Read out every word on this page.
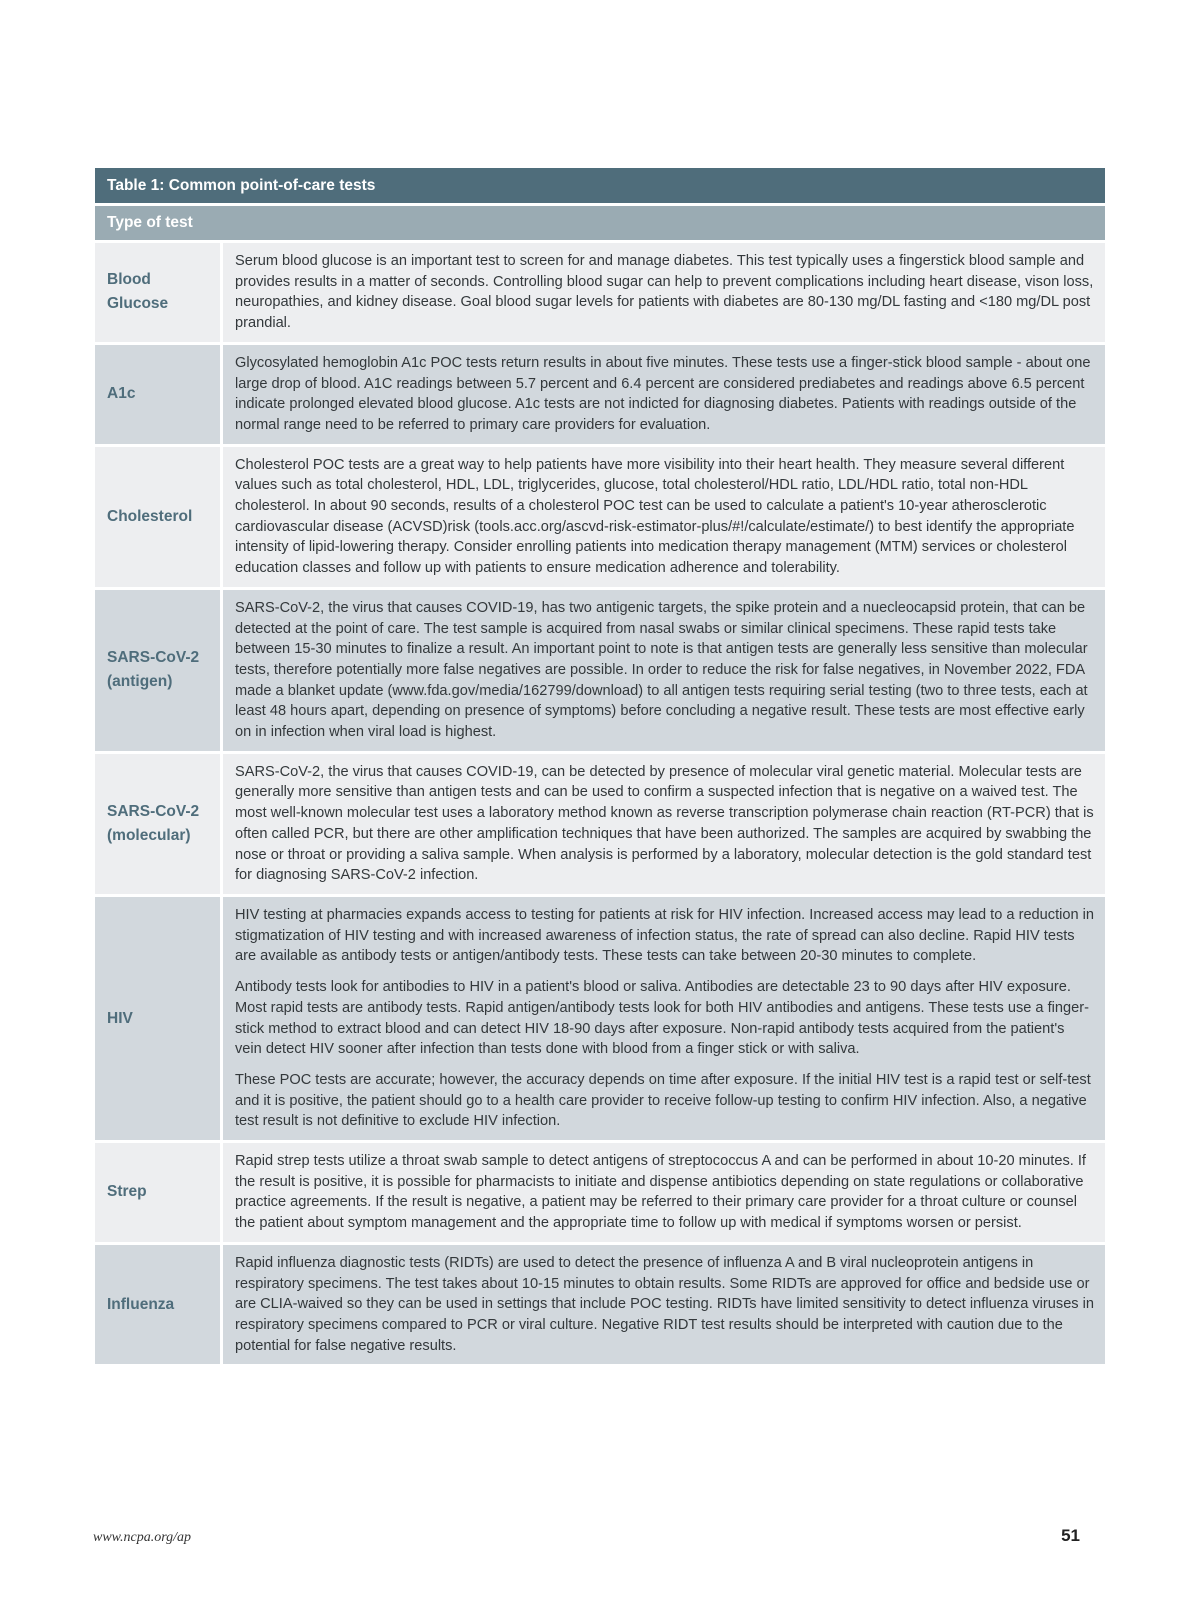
Table 1: Common point-of-care tests
Type of test
Blood Glucose

Serum blood glucose is an important test to screen for and manage diabetes. This test typically uses a fingerstick blood sample and provides results in a matter of seconds. Controlling blood sugar can help to prevent complications including heart disease, vison loss, neuropathies, and kidney disease. Goal blood sugar levels for patients with diabetes are 80-130 mg/DL fasting and <180 mg/DL post prandial.

A1c

Glycosylated hemoglobin A1c POC tests return results in about five minutes. These tests use a finger-stick blood sample - about one large drop of blood. A1C readings between 5.7 percent and 6.4 percent are considered prediabetes and readings above 6.5 percent indicate prolonged elevated blood glucose. A1c tests are not indicted for diagnosing diabetes. Patients with readings outside of the normal range need to be referred to primary care providers for evaluation.

Cholesterol

Cholesterol POC tests are a great way to help patients have more visibility into their heart health. They measure several different values such as total cholesterol, HDL, LDL, triglycerides, glucose, total cholesterol/HDL ratio, LDL/HDL ratio, total non-HDL cholesterol. In about 90 seconds, results of a cholesterol POC test can be used to calculate a patient's 10-year atherosclerotic cardiovascular disease (ACVSD)risk (tools.acc.org/ascvd-risk-estimator-plus/#!/calculate/estimate/) to best identify the appropriate intensity of lipid-lowering therapy. Consider enrolling patients into medication therapy management (MTM) services or cholesterol education classes and follow up with patients to ensure medication adherence and tolerability.

SARS-CoV-2 (antigen)

SARS-CoV-2, the virus that causes COVID-19, has two antigenic targets, the spike protein and a nuecleocapsid protein, that can be detected at the point of care. The test sample is acquired from nasal swabs or similar clinical specimens. These rapid tests take between 15-30 minutes to finalize a result. An important point to note is that antigen tests are generally less sensitive than molecular tests, therefore potentially more false negatives are possible. In order to reduce the risk for false negatives, in November 2022, FDA made a blanket update (www.fda.gov/media/162799/download) to all antigen tests requiring serial testing (two to three tests, each at least 48 hours apart, depending on presence of symptoms) before concluding a negative result. These tests are most effective early on in infection when viral load is highest.

SARS-CoV-2 (molecular)

SARS-CoV-2, the virus that causes COVID-19, can be detected by presence of molecular viral genetic material. Molecular tests are generally more sensitive than antigen tests and can be used to confirm a suspected infection that is negative on a waived test. The most well-known molecular test uses a laboratory method known as reverse transcription polymerase chain reaction (RT-PCR) that is often called PCR, but there are other amplification techniques that have been authorized. The samples are acquired by swabbing the nose or throat or providing a saliva sample. When analysis is performed by a laboratory, molecular detection is the gold standard test for diagnosing SARS-CoV-2 infection.

HIV

HIV testing at pharmacies expands access to testing for patients at risk for HIV infection. Increased access may lead to a reduction in stigmatization of HIV testing and with increased awareness of infection status, the rate of spread can also decline. Rapid HIV tests are available as antibody tests or antigen/antibody tests. These tests can take between 20-30 minutes to complete.

Antibody tests look for antibodies to HIV in a patient's blood or saliva. Antibodies are detectable 23 to 90 days after HIV exposure. Most rapid tests are antibody tests. Rapid antigen/antibody tests look for both HIV antibodies and antigens. These tests use a finger-stick method to extract blood and can detect HIV 18-90 days after exposure. Non-rapid antibody tests acquired from the patient's vein detect HIV sooner after infection than tests done with blood from a finger stick or with saliva.

These POC tests are accurate; however, the accuracy depends on time after exposure. If the initial HIV test is a rapid test or self-test and it is positive, the patient should go to a health care provider to receive follow-up testing to confirm HIV infection. Also, a negative test result is not definitive to exclude HIV infection.

Strep

Rapid strep tests utilize a throat swab sample to detect antigens of streptococcus A and can be performed in about 10-20 minutes. If the result is positive, it is possible for pharmacists to initiate and dispense antibiotics depending on state regulations or collaborative practice agreements. If the result is negative, a patient may be referred to their primary care provider for a throat culture or counsel the patient about symptom management and the appropriate time to follow up with medical if symptoms worsen or persist.

Influenza

Rapid influenza diagnostic tests (RIDTs) are used to detect the presence of influenza A and B viral nucleoprotein antigens in respiratory specimens. The test takes about 10-15 minutes to obtain results. Some RIDTs are approved for office and bedside use or are CLIA-waived so they can be used in settings that include POC testing. RIDTs have limited sensitivity to detect influenza viruses in respiratory specimens compared to PCR or viral culture. Negative RIDT test results should be interpreted with caution due to the potential for false negative results.

www.ncpa.org/ap	51
